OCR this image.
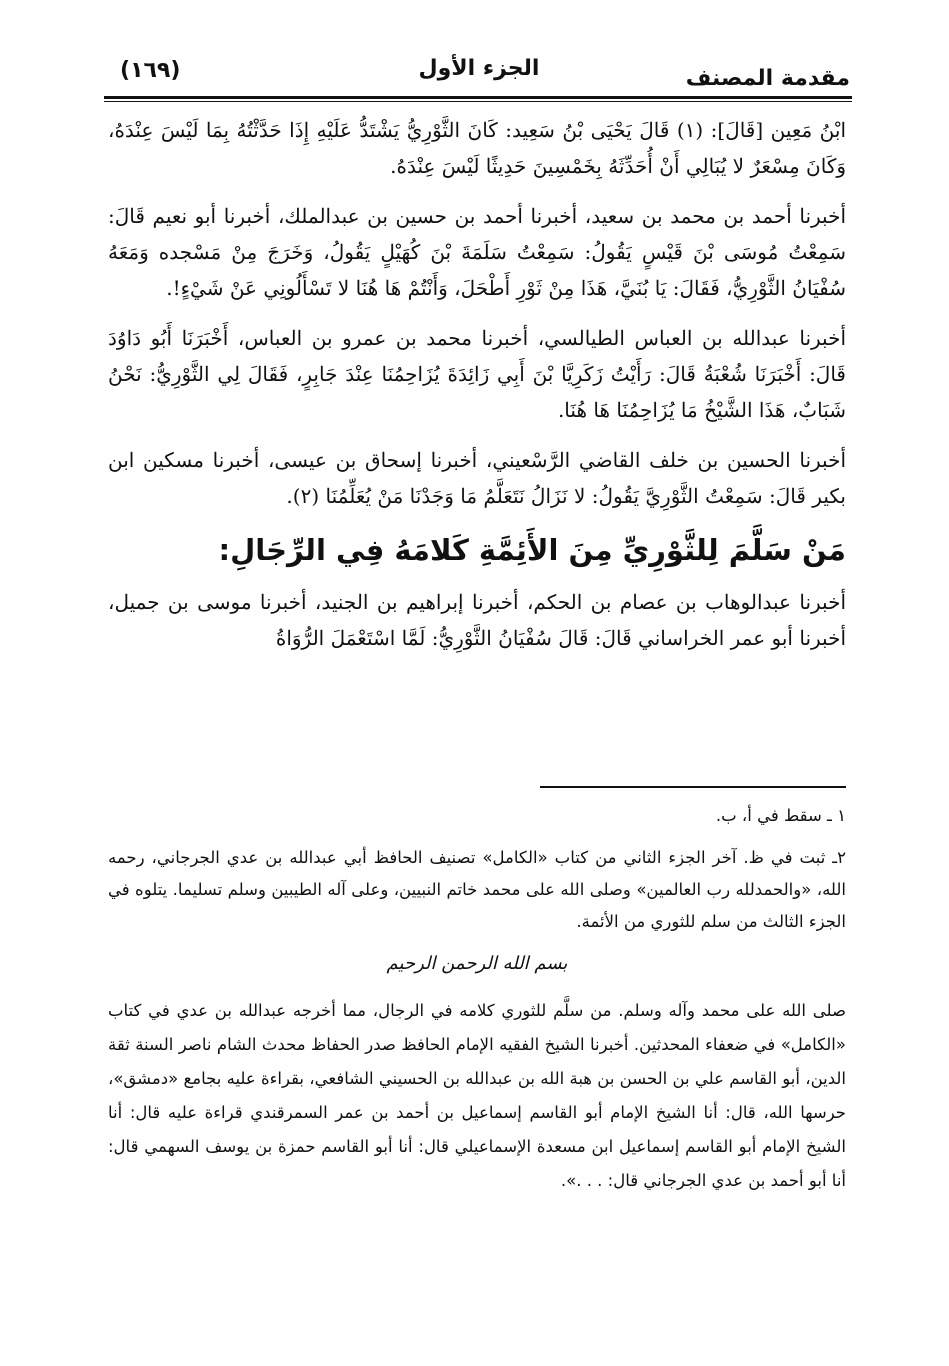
مقدمة المصنف
الجزء الأول
(١٦٩)

ابْنُ مَعِين [قَالَ]: (١) قَالَ يَحْيَى بْنُ سَعِيد: كَانَ الثَّوْرِيُّ يَشْتَدُّ عَلَيْهِ إِذَا حَدَّثْتُهُ بِمَا لَيْسَ عِنْدَهُ، وَكَانَ مِسْعَرٌ لا يُبَالِي أَنْ أُحَدِّثَهُ بِخَمْسِينَ حَدِيثًا لَيْسَ عِنْدَهُ.

أخبرنا أحمد بن محمد بن سعيد، أخبرنا أحمد بن حسين بن عبدالملك، أخبرنا أبو نعيم قَالَ: سَمِعْتُ مُوسَى بْنَ قَيْسٍ يَقُولُ: سَمِعْتُ سَلَمَةَ بْنَ كُهَيْلٍ يَقُولُ، وَخَرَجَ مِنْ مَسْجده وَمَعَهُ سُفْيَانُ الثَّوْرِيُّ، فَقَالَ: يَا بُنَيَّ، هَذَا مِنْ ثَوْرِ أَطْحَلَ، وَأَنْتُمْ هَا هُنَا لا تَسْأَلُونِي عَنْ شَيْءٍ!.

أخبرنا عبدالله بن العباس الطيالسي، أخبرنا محمد بن عمرو بن العباس، أَخْبَرَنَا أَبُو دَاوُدَ قَالَ: أَخْبَرَنَا شُعْبَةُ قَالَ: رَأَيْتُ زَكَرِيَّا بْنَ أَبِي زَائِدَةَ يُزَاحِمُنَا عِنْدَ جَابِرٍ، فَقَالَ لِي الثَّوْرِيُّ: نَحْنُ شَبَابٌ، هَذَا الشَّيْخُ مَا يُزَاحِمُنَا هَا هُنَا.

أخبرنا الحسين بن خلف القاضي الرَّسْعيني، أخبرنا إسحاق بن عيسى، أخبرنا مسكين ابن بكير قَالَ: سَمِعْتُ الثَّوْرِيَّ يَقُولُ: لا نَزَالُ نَتَعَلَّمُ مَا وَجَدْنَا مَنْ يُعَلِّمُنَا (٢).

مَنْ سَلَّمَ لِلثَّوْرِيِّ مِنَ الأَئِمَّةِ كَلامَهُ فِي الرِّجَالِ:

أخبرنا عبدالوهاب بن عصام بن الحكم، أخبرنا إبراهيم بن الجنيد، أخبرنا موسى بن جميل، أخبرنا أبو عمر الخراساني قَالَ: قَالَ سُفْيَانُ الثَّوْرِيُّ: لَمَّا اسْتَعْمَلَ الرُّوَاةُ

١ ـ سقط في أ، ب.

٢ـ ثبت في ظ. آخر الجزء الثاني من كتاب «الكامل» تصنيف الحافظ أبي عبدالله بن عدي الجرجاني، رحمه الله، «والحمدلله رب العالمين» وصلى الله على محمد خاتم النبيين، وعلى آله الطيبين وسلم تسليما. يتلوه في الجزء الثالث من سلم للثوري من الأئمة.

بسم الله الرحمن الرحيم

صلى الله على محمد وآله وسلم. من سلَّم للثوري كلامه في الرجال، مما أخرجه عبدالله بن عدي في كتاب «الكامل» في ضعفاء المحدثين. أخبرنا الشيخ الفقيه الإمام الحافظ صدر الحفاظ محدث الشام ناصر السنة ثقة الدين، أبو القاسم علي بن الحسن بن هبة الله بن عبدالله بن الحسيني الشافعي، بقراءة عليه بجامع «دمشق»، حرسها الله، قال: أنا الشيخ الإمام أبو القاسم إسماعيل بن أحمد بن عمر السمرقندي قراءة عليه قال: أنا الشيخ الإمام أبو القاسم إسماعيل ابن مسعدة الإسماعيلي قال: أنا أبو القاسم حمزة بن يوسف السهمي قال: أنا أبو أحمد بن عدي الجرجاني قال: . . .».
